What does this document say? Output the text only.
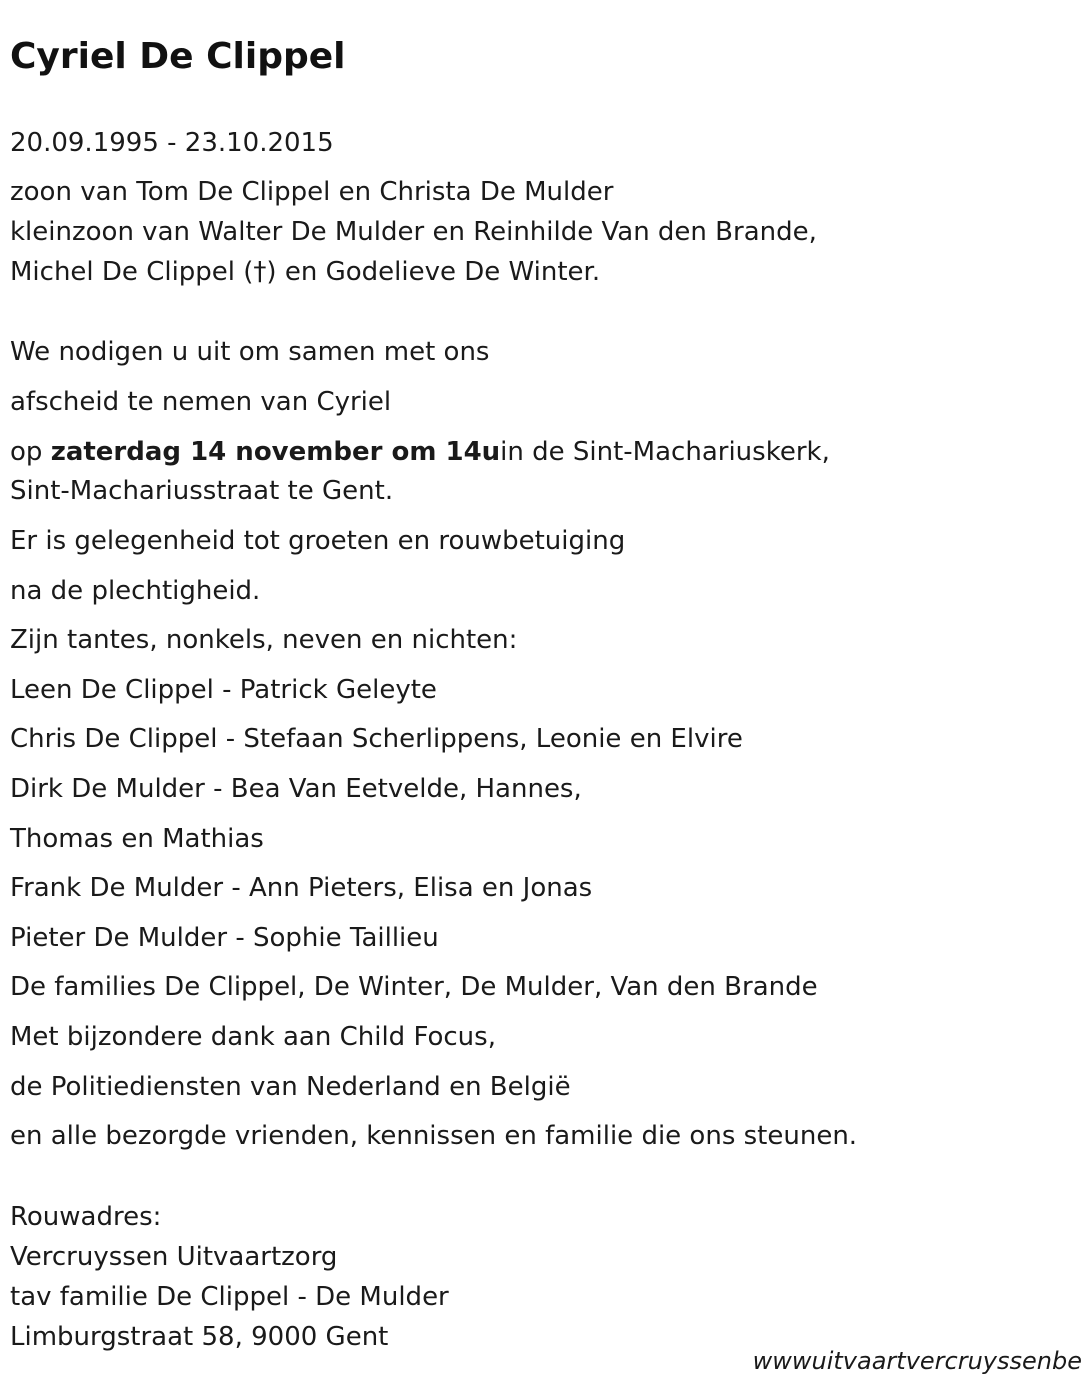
Cyriel De Clippel
20.09.1995 - 23.10.2015
zoon van Tom De Clippel en Christa De Mulder
kleinzoon van Walter De Mulder en Reinhilde Van den Brande,
Michel De Clippel (†) en Godelieve De Winter.
We nodigen u uit om samen met ons
afscheid te nemen van Cyriel
op zaterdag 14 november om 14uin de Sint-Machariuskerk,
Sint-Machariusstraat te Gent.
Er is gelegenheid tot groeten en rouwbetuiging
na de plechtigheid.
Zijn tantes, nonkels, neven en nichten:
Leen De Clippel - Patrick Geleyte
Chris De Clippel - Stefaan Scherlippens, Leonie en Elvire
Dirk De Mulder - Bea Van Eetvelde, Hannes,
Thomas en Mathias
Frank De Mulder - Ann Pieters, Elisa en Jonas
Pieter De Mulder - Sophie Taillieu
De families De Clippel, De Winter, De Mulder, Van den Brande
Met bijzondere dank aan Child Focus,
de Politiediensten van Nederland en België
en alle bezorgde vrienden, kennissen en familie die ons steunen.
Rouwadres:
Vercruyssen Uitvaartzorg
tav familie De Clippel - De Mulder
Limburgstraat 58, 9000 Gent
wwwuitvaartvercruyssenbe
